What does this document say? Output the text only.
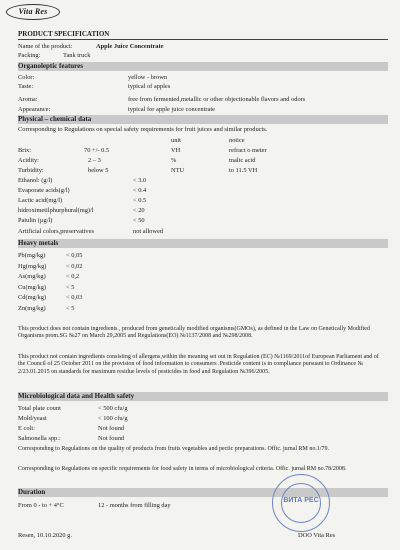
Vita Res
PRODUCT SPECIFICATION
Name of the product:	Apple Juice Concentrate
Packing:	Tank truck
Organoleptic features
Color:	yellow - brown
Taste:	typical of apples
Aroma:	free from fermented,metallic or other objectionable flavors and odors
Appearance:	typical for apple juice concentrate
Physical – chemical data
Corresponding to Regulations on special safety requirements for fruit juices and similar products.
unit	notice
Brix:	70 +/- 0.5	VH	refract o meter
Acidity:	2 – 3	%	malic acid
Turbidity:	below 5	NTU	to 11.5 VH
Ethanol: (g/l)	< 3.0
Evaporate acids(g/l)	< 0.4
Lactic acid(mg/l)	< 0.5
hidroximetilphurphural(mg)/l	< 20
Patulin (µg/l)	< 50
Artificial colors,preservatives	not allowed
Heavy metals
Pb(mg/kg)	< 0,05
Hg(mg/kg)	< 0,02
As(mg/kg)	< 0,2
Cu(mg/kg)	< 5
Cd(mg/kg)	< 0,03
Zn(mg/kg)	< 5
This product does not contain ingredients , produced from genetically modified organisms(GMOs), as defined in the Law on Genetically Modified Organisms prom.SG №27 on March 29,2005 and Regulations(EO) №1137/2008 and №298/2008.
This product not contain ingredients consisting of allergens,within the meaning set out in Regulation (EC) №1169/2011of European Parliament and of the Council of 25 October 2011 on the provision of food information to consumers .Pesticide content is in compliance pursuant to Ordinance № 2/23.01.2015 on standards for maximum residue levels of pesticides in food and Regulation №396/2005.
Microbiological data and Health safety
Total plate count	< 500 cfu/g
Mold/yeast	< 100 cfu/g
E coli:	Not found
Salmonella spp.:	Not found
Corresponding to Regulations on the quality of products from fruits vegetables and pectic preparations. Offic. jurnal RM no.1/79.
Corresponding to Regulations on specific requirements for food safety in terms of microbiological criteria. Offic. jurnal RM no.78/2008.
Duration
From 0 - to + 4°C	12 - months from filling day
Resen, 10.10.2020 g.	DOO Vita Res
ВИТА РЕС
